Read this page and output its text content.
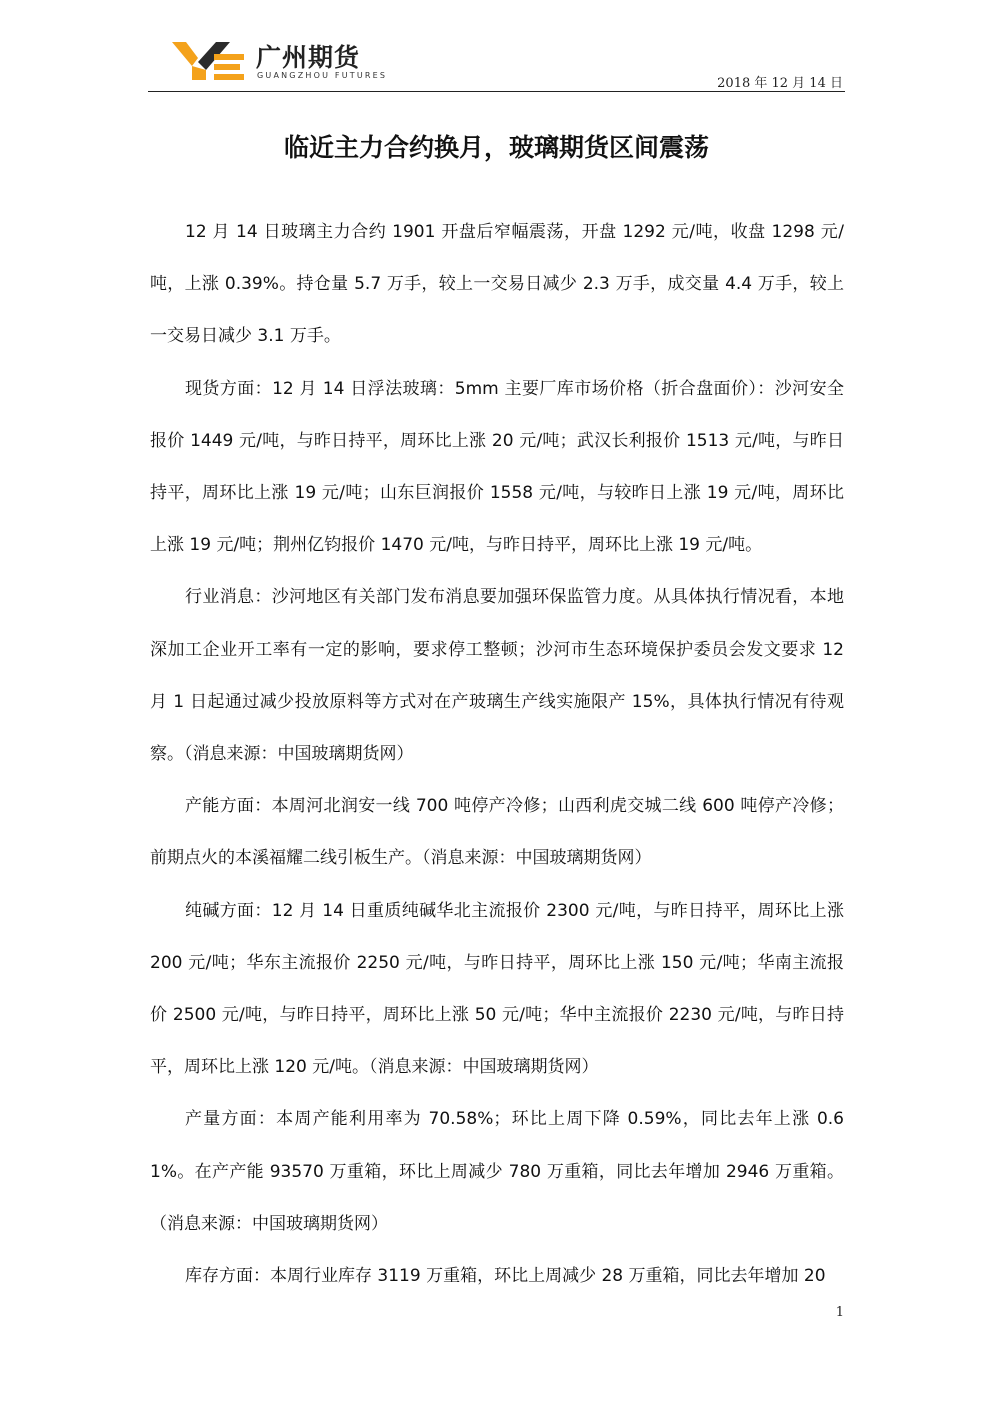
广州期货
GUANGZHOU FUTURES
2018 年 12 月 14 日
临近主力合约换月，玻璃期货区间震荡

12 月 14 日玻璃主力合约 1901 开盘后窄幅震荡，开盘 1292 元/吨，收盘 1298 元/吨，上涨 0.39%。持仓量 5.7 万手，较上一交易日减少 2.3 万手，成交量 4.4 万手，较上一交易日减少 3.1 万手。

现货方面：12 月 14 日浮法玻璃：5mm 主要厂库市场价格（折合盘面价）：沙河安全报价 1449 元/吨，与昨日持平，周环比上涨 20 元/吨；武汉长利报价 1513 元/吨，与昨日持平，周环比上涨 19 元/吨；山东巨润报价 1558 元/吨，与较昨日上涨 19 元/吨，周环比上涨 19 元/吨；荆州亿钧报价 1470 元/吨，与昨日持平，周环比上涨 19 元/吨。

行业消息：沙河地区有关部门发布消息要加强环保监管力度。从具体执行情况看，本地深加工企业开工率有一定的影响，要求停工整顿；沙河市生态环境保护委员会发文要求 12 月 1 日起通过减少投放原料等方式对在产玻璃生产线实施限产 15%，具体执行情况有待观察。（消息来源：中国玻璃期货网）

产能方面：本周河北润安一线 700 吨停产冷修；山西利虎交城二线 600 吨停产冷修；前期点火的本溪福耀二线引板生产。（消息来源：中国玻璃期货网）

纯碱方面：12 月 14 日重质纯碱华北主流报价 2300 元/吨，与昨日持平，周环比上涨 200 元/吨；华东主流报价 2250 元/吨，与昨日持平，周环比上涨 150 元/吨；华南主流报价 2500 元/吨，与昨日持平，周环比上涨 50 元/吨；华中主流报价 2230 元/吨，与昨日持平，周环比上涨 120 元/吨。（消息来源：中国玻璃期货网）

产量方面：本周产能利用率为 70.58%；环比上周下降 0.59%，同比去年上涨 0.61%。在产产能 93570 万重箱，环比上周减少 780 万重箱，同比去年增加 2946 万重箱。（消息来源：中国玻璃期货网）

库存方面：本周行业库存 3119 万重箱，环比上周减少 28 万重箱，同比去年增加 20

1
